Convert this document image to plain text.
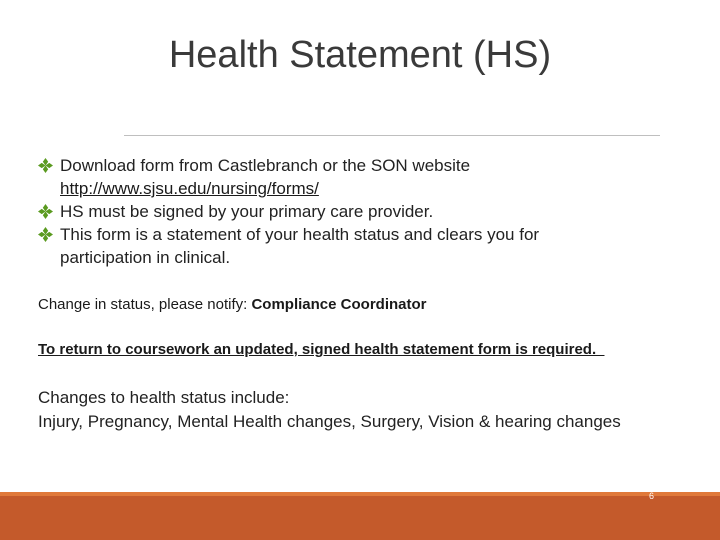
Health Statement (HS)
Download form from Castlebranch or the SON website
http://www.sjsu.edu/nursing/forms/
HS must be signed by your primary care provider.
This form is a statement of your health status and clears you for
participation in clinical.
Change in status, please notify: Compliance Coordinator
To return to coursework an updated, signed health statement form is required.
Changes to health status include:
Injury, Pregnancy, Mental Health changes, Surgery, Vision & hearing changes
6
